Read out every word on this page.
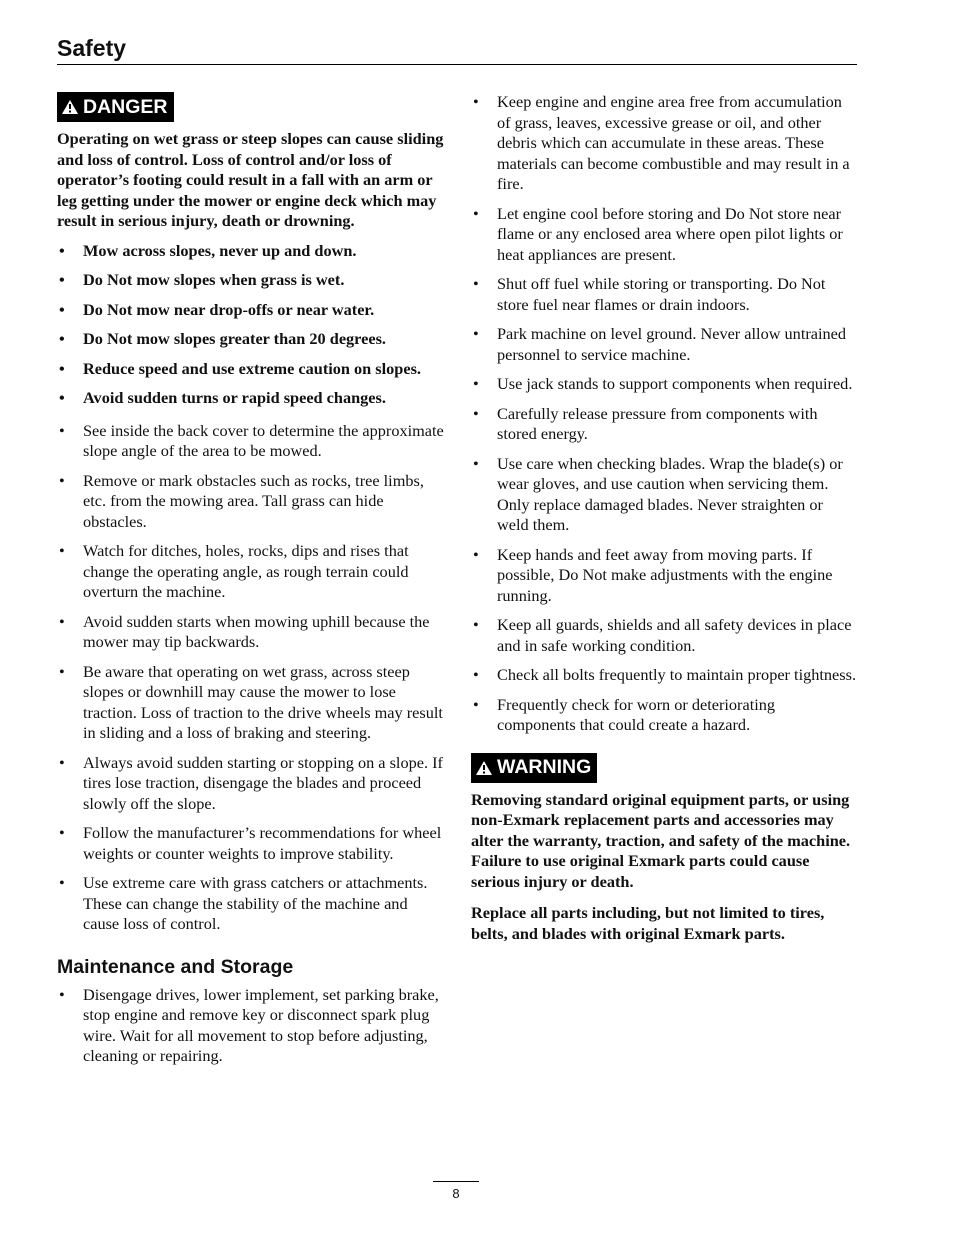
Safety
DANGER

Operating on wet grass or steep slopes can cause sliding and loss of control. Loss of control and/or loss of operator’s footing could result in a fall with an arm or leg getting under the mower or engine deck which may result in serious injury, death or drowning.

• Mow across slopes, never up and down.
• Do Not mow slopes when grass is wet.
• Do Not mow near drop-offs or near water.
• Do Not mow slopes greater than 20 degrees.
• Reduce speed and use extreme caution on slopes.
• Avoid sudden turns or rapid speed changes.
• See inside the back cover to determine the approximate slope angle of the area to be mowed.
• Remove or mark obstacles such as rocks, tree limbs, etc. from the mowing area. Tall grass can hide obstacles.
• Watch for ditches, holes, rocks, dips and rises that change the operating angle, as rough terrain could overturn the machine.
• Avoid sudden starts when mowing uphill because the mower may tip backwards.
• Be aware that operating on wet grass, across steep slopes or downhill may cause the mower to lose traction. Loss of traction to the drive wheels may result in sliding and a loss of braking and steering.
• Always avoid sudden starting or stopping on a slope. If tires lose traction, disengage the blades and proceed slowly off the slope.
• Follow the manufacturer’s recommendations for wheel weights or counter weights to improve stability.
• Use extreme care with grass catchers or attachments. These can change the stability of the machine and cause loss of control.
Maintenance and Storage
• Disengage drives, lower implement, set parking brake, stop engine and remove key or disconnect spark plug wire. Wait for all movement to stop before adjusting, cleaning or repairing.
• Keep engine and engine area free from accumulation of grass, leaves, excessive grease or oil, and other debris which can accumulate in these areas. These materials can become combustible and may result in a fire.
• Let engine cool before storing and Do Not store near flame or any enclosed area where open pilot lights or heat appliances are present.
• Shut off fuel while storing or transporting. Do Not store fuel near flames or drain indoors.
• Park machine on level ground. Never allow untrained personnel to service machine.
• Use jack stands to support components when required.
• Carefully release pressure from components with stored energy.
• Use care when checking blades. Wrap the blade(s) or wear gloves, and use caution when servicing them. Only replace damaged blades. Never straighten or weld them.
• Keep hands and feet away from moving parts. If possible, Do Not make adjustments with the engine running.
• Keep all guards, shields and all safety devices in place and in safe working condition.
• Check all bolts frequently to maintain proper tightness.
• Frequently check for worn or deteriorating components that could create a hazard.
WARNING

Removing standard original equipment parts, or using non-Exmark replacement parts and accessories may alter the warranty, traction, and safety of the machine. Failure to use original Exmark parts could cause serious injury or death.

Replace all parts including, but not limited to tires, belts, and blades with original Exmark parts.

8
